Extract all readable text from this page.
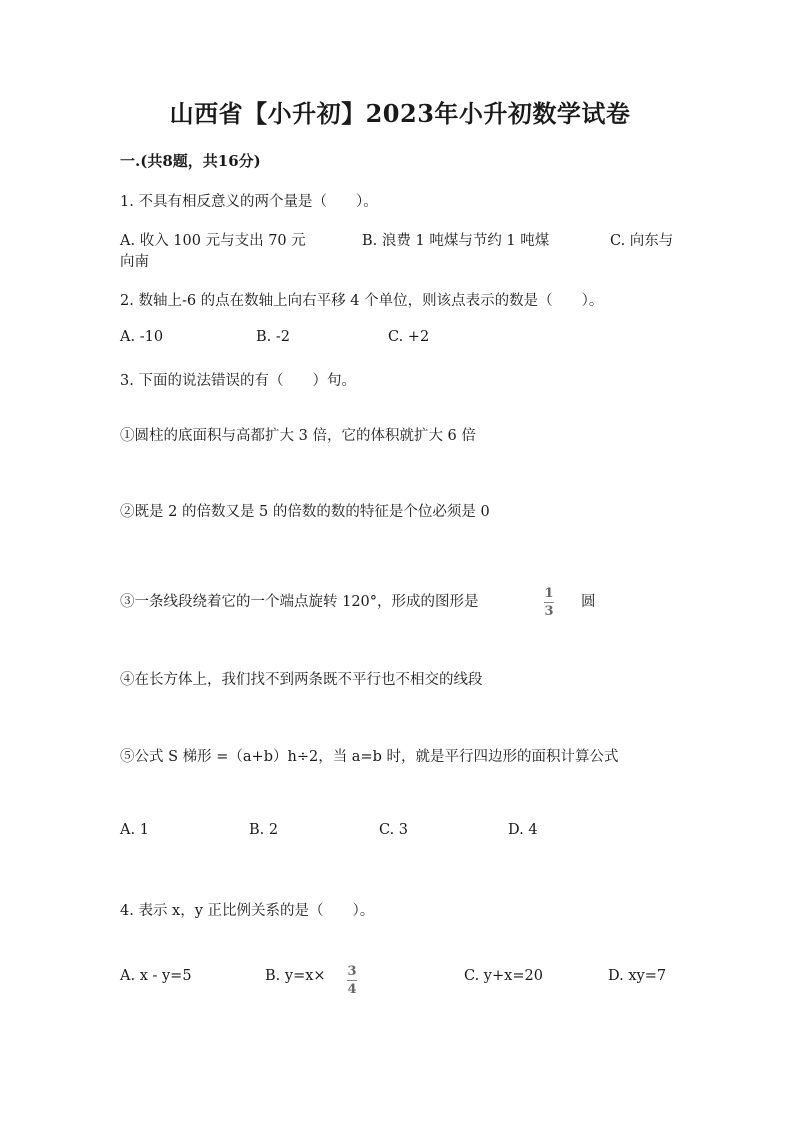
山西省【小升初】2023年小升初数学试卷
一.(共8题，共16分)
1. 不具有相反意义的两个量是（　　）。
A. 收入 100 元与支出 70 元	B. 浪费 1 吨煤与节约 1 吨煤	C. 向东与
向南
2. 数轴上-6 的点在数轴上向右平移 4 个单位，则该点表示的数是（　　）。
A. -10	B. -2	C. +2
3. 下面的说法错误的有（　　）句。
①圆柱的底面积与高都扩大 3 倍，它的体积就扩大 6 倍
②既是 2 的倍数又是 5 的倍数的数的特征是个位必须是 0
③一条线段绕着它的一个端点旋转 120°，形成的图形是	$\frac{1}{3}$ 圆
④在长方体上，我们找不到两条既不平行也不相交的线段
⑤公式 S 梯形 =（a+b）h÷2，当 a=b 时，就是平行四边形的面积计算公式
A. 1	B. 2	C. 3	D. 4
4. 表示 x，y 正比例关系的是（　　）。
A. x - y=5	B. $y=x\times \frac{3}{4}$	C. y+x=20	D. xy=7
